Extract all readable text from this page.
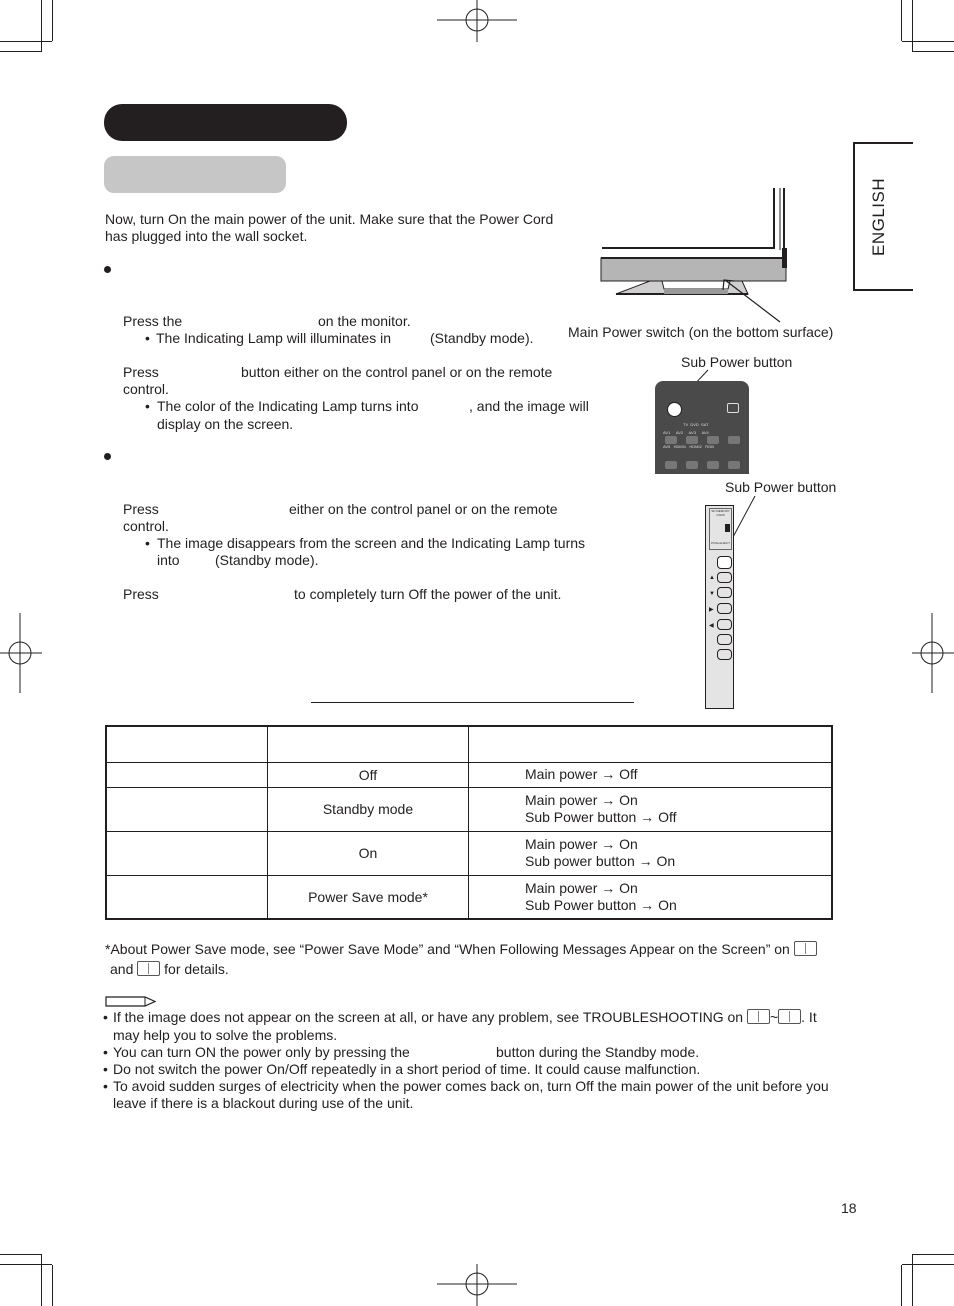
ENGLISH
Now, turn On the main power of the unit. Make sure that the Power Cord
has plugged into the wall socket.
Press the	on the monitor.
• The Indicating Lamp will illuminates in	(Standby mode).
Press	button either on the control panel or on the remote
control.
• The color of the Indicating Lamp turns into	, and the image will
display on the screen.
Press	either on the control panel or on the remote
control.
• The image disappears from the screen and the Indicating Lamp turns
into	(Standby mode).
Press	to completely turn Off the power of the unit.
Main Power switch (on the bottom surface)
Sub Power button
TV DVD SAT
AV1 AV2 AV3 AV4
AV5 HDMI1 HDMI2 RGB
Sub Power button
SD MEMORY CARD
PUSH-EJECT
▲
▼
▶
◀

	Off	Main power → Off

	Standby mode	Main power → On
Sub Power button → Off

	On	Main power → On
Sub power button → On

	Power Save mode*	Main power → On
Sub Power button → On
*About Power Save mode, see “Power Save Mode” and “When Following Messages Appear on the Screen” on
and for details.
• If the image does not appear on the screen at all, or have any problem, see TROUBLESHOOTING on ~ . It
may help you to solve the problems.
• You can turn ON the power only by pressing the	button during the Standby mode.
• Do not switch the power On/Off repeatedly in a short period of time. It could cause malfunction.
• To avoid sudden surges of electricity when the power comes back on, turn Off the main power of the unit before you
leave if there is a blackout during use of the unit.
18
